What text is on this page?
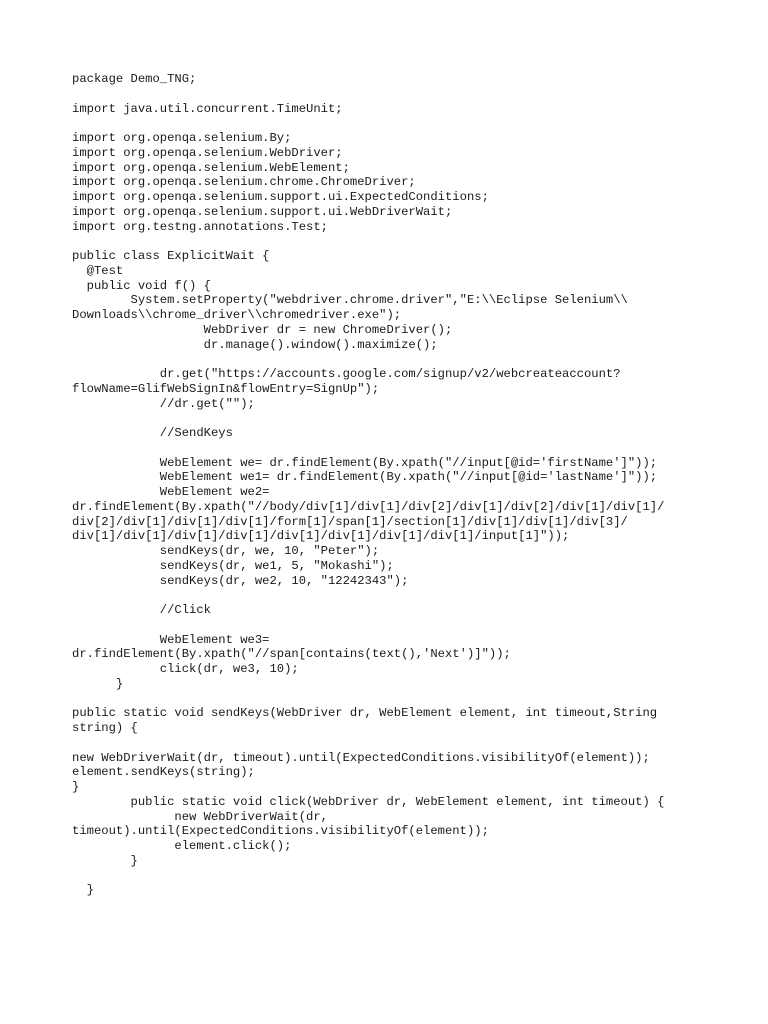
package Demo_TNG;
import java.util.concurrent.TimeUnit;
import org.openqa.selenium.By;
import org.openqa.selenium.WebDriver;
import org.openqa.selenium.WebElement;
import org.openqa.selenium.chrome.ChromeDriver;
import org.openqa.selenium.support.ui.ExpectedConditions;
import org.openqa.selenium.support.ui.WebDriverWait;
import org.testng.annotations.Test;
public class ExplicitWait {
@Test
public void f() {
System.setProperty("webdriver.chrome.driver","E:\\Eclipse Selenium\\
Downloads\\chrome_driver\\chromedriver.exe");
WebDriver dr = new ChromeDriver();
dr.manage().window().maximize();
dr.get("https://accounts.google.com/signup/v2/webcreateaccount?
flowName=GlifWebSignIn&flowEntry=SignUp");
//dr.get("");
//SendKeys
WebElement we= dr.findElement(By.xpath("//input[@id='firstName']"));
WebElement we1= dr.findElement(By.xpath("//input[@id='lastName']"));
WebElement we2=
dr.findElement(By.xpath("//body/div[1]/div[1]/div[2]/div[1]/div[2]/div[1]/div[1]/
div[2]/div[1]/div[1]/div[1]/form[1]/span[1]/section[1]/div[1]/div[1]/div[3]/
div[1]/div[1]/div[1]/div[1]/div[1]/div[1]/div[1]/div[1]/input[1]"));
sendKeys(dr, we, 10, "Peter");
sendKeys(dr, we1, 5, "Mokashi");
sendKeys(dr, we2, 10, "12242343");
//Click
WebElement we3=
dr.findElement(By.xpath("//span[contains(text(),'Next')]"));
click(dr, we3, 10);
}
public static void sendKeys(WebDriver dr, WebElement element, int timeout,String
string) {
new WebDriverWait(dr, timeout).until(ExpectedConditions.visibilityOf(element));
element.sendKeys(string);
}
public static void click(WebDriver dr, WebElement element, int timeout) {
new WebDriverWait(dr,
timeout).until(ExpectedConditions.visibilityOf(element));
element.click();
}
}
